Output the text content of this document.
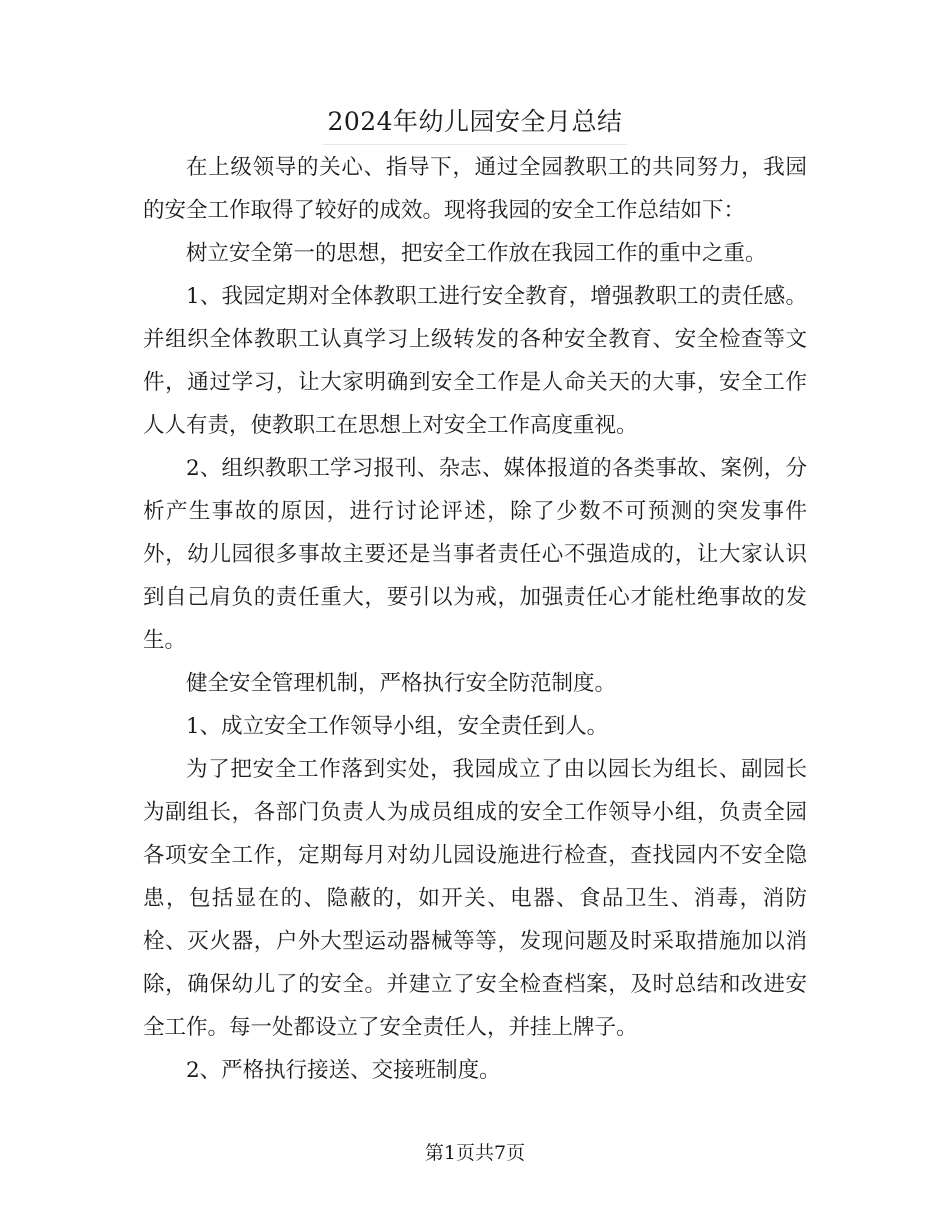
2024年幼儿园安全月总结

在上级领导的关心、指导下，通过全园教职工的共同努力，我园的安全工作取得了较好的成效。现将我园的安全工作总结如下：

树立安全第一的思想，把安全工作放在我园工作的重中之重。

1、我园定期对全体教职工进行安全教育，增强教职工的责任感。并组织全体教职工认真学习上级转发的各种安全教育、安全检查等文件，通过学习，让大家明确到安全工作是人命关天的大事，安全工作人人有责，使教职工在思想上对安全工作高度重视。

2、组织教职工学习报刊、杂志、媒体报道的各类事故、案例，分析产生事故的原因，进行讨论评述，除了少数不可预测的突发事件外，幼儿园很多事故主要还是当事者责任心不强造成的，让大家认识到自己肩负的责任重大，要引以为戒，加强责任心才能杜绝事故的发生。

健全安全管理机制，严格执行安全防范制度。

1、成立安全工作领导小组，安全责任到人。

为了把安全工作落到实处，我园成立了由以园长为组长、副园长为副组长，各部门负责人为成员组成的安全工作领导小组，负责全园各项安全工作，定期每月对幼儿园设施进行检查，查找园内不安全隐患，包括显在的、隐蔽的，如开关、电器、食品卫生、消毒，消防栓、灭火器，户外大型运动器械等等，发现问题及时采取措施加以消除，确保幼儿了的安全。并建立了安全检查档案，及时总结和改进安全工作。每一处都设立了安全责任人，并挂上牌子。

2、严格执行接送、交接班制度。

第1页共7页
